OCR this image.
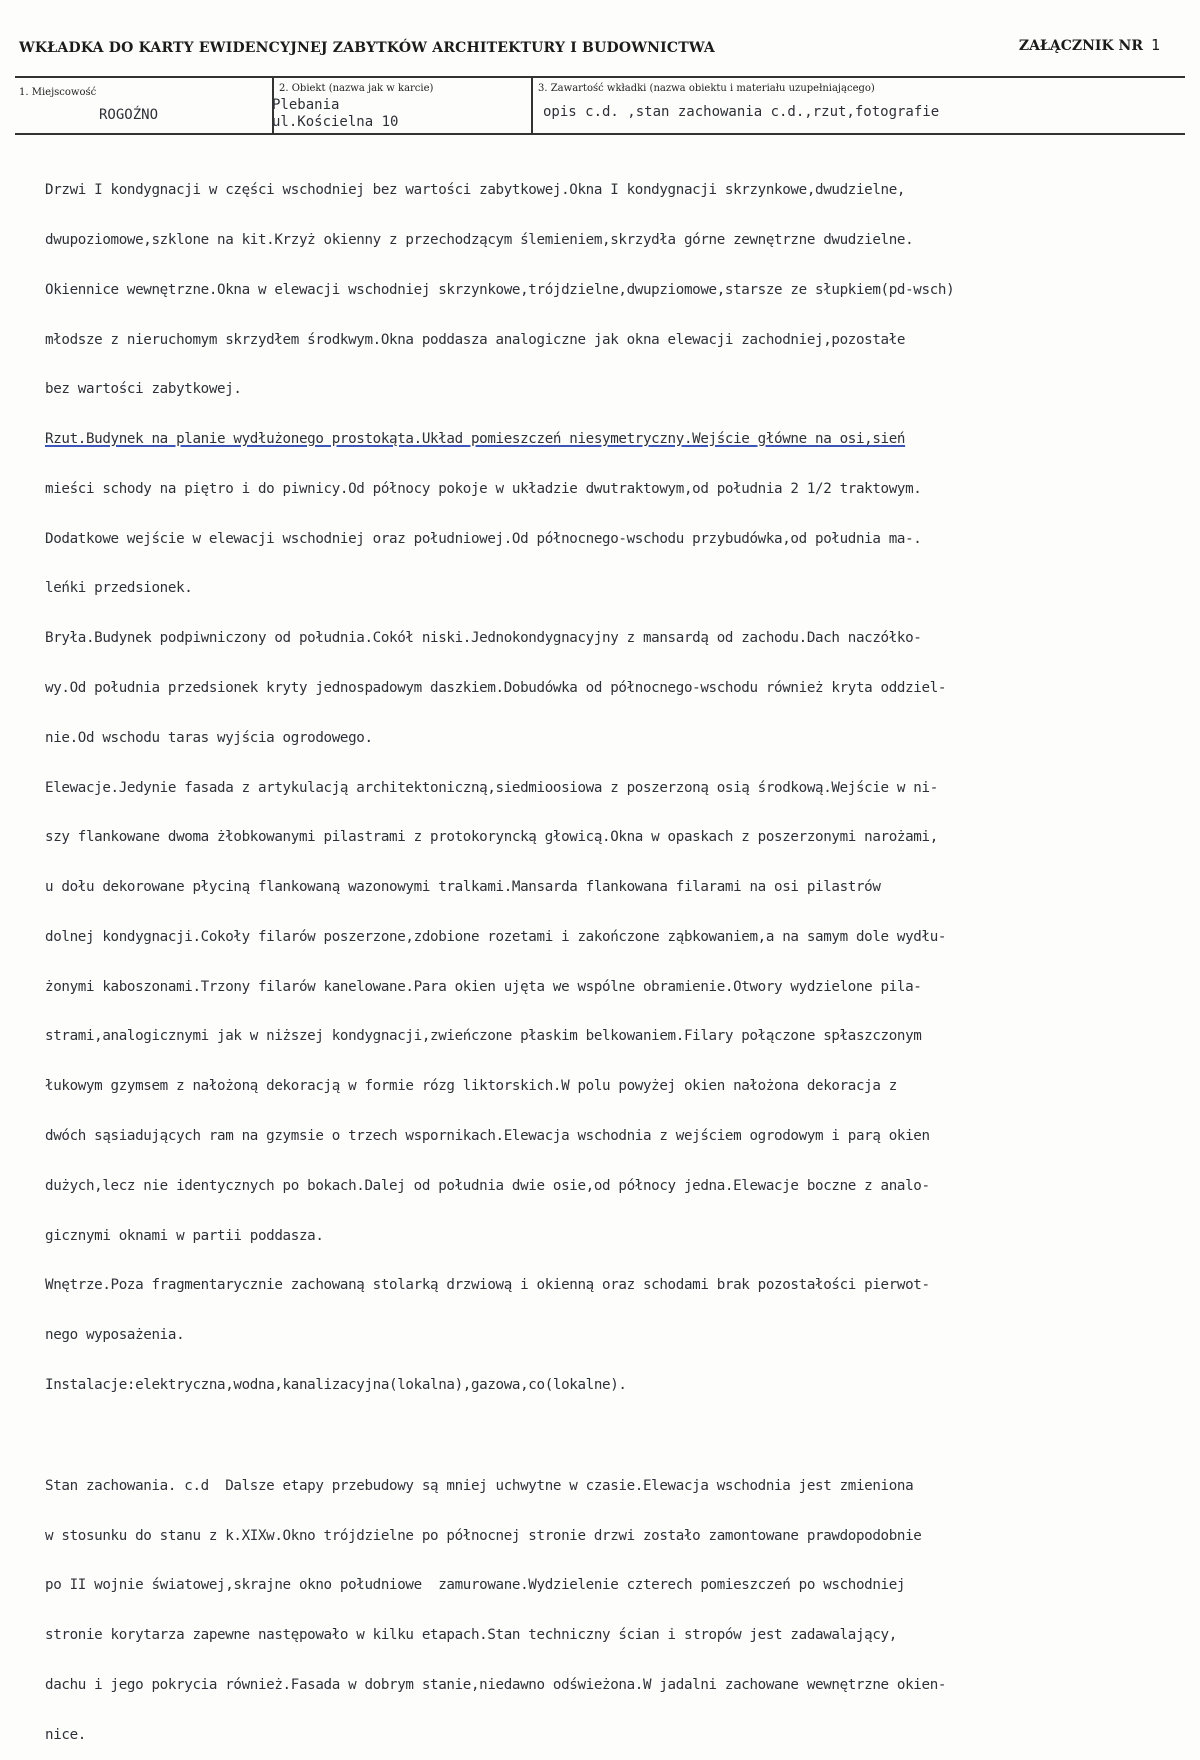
WKŁADKA DO KARTY EWIDENCYJNEJ ZABYTKÓW ARCHITEKTURY I BUDOWNICTWA	ZAŁĄCZNIK NR 1
1. Miejscowość
ROGOŹNO
2. Obiekt (nazwa jak w karcie)
Plebania
ul.Kościelna 10
3. Zawartość wkładki (nazwa obiektu i materiału uzupełniającego)
opis c.d. ,stan zachowania c.d.,rzut,fotografie

Drzwi I kondygnacji w części wschodniej bez wartości zabytkowej.Okna I kondygnacji skrzynkowe,dwudzielne,

dwupoziomowe,szklone na kit.Krzyż okienny z przechodzącym ślemieniem,skrzydła górne zewnętrzne dwudzielne.

Okiennice wewnętrzne.Okna w elewacji wschodniej skrzynkowe,trójdzielne,dwupziomowe,starsze ze słupkiem(pd-wsch)

młodsze z nieruchomym skrzydłem środkwym.Okna poddasza analogiczne jak okna elewacji zachodniej,pozostałe

bez wartości zabytkowej.

Rzut.Budynek na planie wydłużonego prostokąta.Układ pomieszczeń niesymetryczny.Wejście główne na osi,sień

mieści schody na piętro i do piwnicy.Od północy pokoje w układzie dwutraktowym,od południa 2 1/2 traktowym.

Dodatkowe wejście w elewacji wschodniej oraz południowej.Od północnego-wschodu przybudówka,od południa ma-.

leńki przedsionek.

Bryła.Budynek podpiwniczony od południa.Cokół niski.Jednokondygnacyjny z mansardą od zachodu.Dach naczółko-

wy.Od południa przedsionek kryty jednospadowym daszkiem.Dobudówka od północnego-wschodu również kryta oddziel-

nie.Od wschodu taras wyjścia ogrodowego.

Elewacje.Jedynie fasada z artykulacją architektoniczną,siedmioosiowa z poszerzoną osią środkową.Wejście w ni-

szy flankowane dwoma żłobkowanymi pilastrami z protokoryncką głowicą.Okna w opaskach z poszerzonymi narożami,

u dołu dekorowane płyciną flankowaną wazonowymi tralkami.Mansarda flankowana filarami na osi pilastrów

dolnej kondygnacji.Cokoły filarów poszerzone,zdobione rozetami i zakończone ząbkowaniem,a na samym dole wydłu-

żonymi kaboszonami.Trzony filarów kanelowane.Para okien ujęta we wspólne obramienie.Otwory wydzielone pila-

strami,analogicznymi jak w niższej kondygnacji,zwieńczone płaskim belkowaniem.Filary połączone spłaszczonym

łukowym gzymsem z nałożoną dekoracją w formie rózg liktorskich.W polu powyżej okien nałożona dekoracja z

dwóch sąsiadujących ram na gzymsie o trzech wspornikach.Elewacja wschodnia z wejściem ogrodowym i parą okien

dużych,lecz nie identycznych po bokach.Dalej od południa dwie osie,od północy jedna.Elewacje boczne z analo-

gicznymi oknami w partii poddasza.

Wnętrze.Poza fragmentarycznie zachowaną stolarką drzwiową i okienną oraz schodami brak pozostałości pierwot-

nego wyposażenia.

Instalacje:elektryczna,wodna,kanalizacyjna(lokalna),gazowa,co(lokalne).

Stan zachowania. c.d  Dalsze etapy przebudowy są mniej uchwytne w czasie.Elewacja wschodnia jest zmieniona

w stosunku do stanu z k.XIXw.Okno trójdzielne po północnej stronie drzwi zostało zamontowane prawdopodobnie

po II wojnie światowej,skrajne okno południowe  zamurowane.Wydzielenie czterech pomieszczeń po wschodniej

stronie korytarza zapewne następowało w kilku etapach.Stan techniczny ścian i stropów jest zadawalający,

dachu i jego pokrycia również.Fasada w dobrym stanie,niedawno odświeżona.W jadalni zachowane wewnętrzne okien-

nice.
